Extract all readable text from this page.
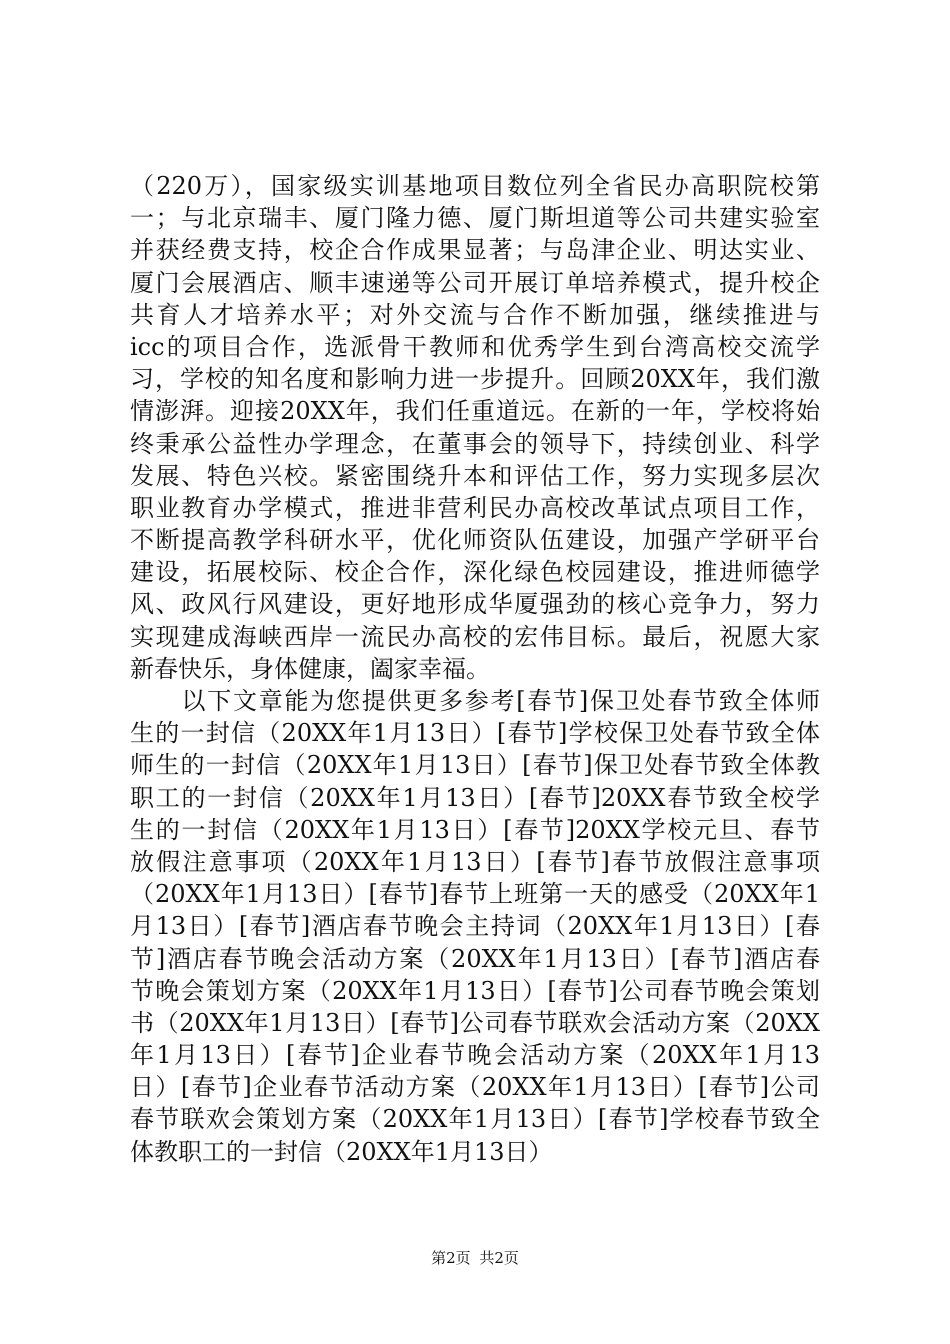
（220万），国家级实训基地项目数位列全省民办高职院校第
一；与北京瑞丰、厦门隆力德、厦门斯坦道等公司共建实验室
并获经费支持，校企合作成果显著；与岛津企业、明达实业、
厦门会展酒店、顺丰速递等公司开展订单培养模式，提升校企
共育人才培养水平；对外交流与合作不断加强，继续推进与
icc的项目合作，选派骨干教师和优秀学生到台湾高校交流学
习，学校的知名度和影响力进一步提升。回顾20XX年，我们激
情澎湃。迎接20XX年，我们任重道远。在新的一年，学校将始
终秉承公益性办学理念，在董事会的领导下，持续创业、科学
发展、特色兴校。紧密围绕升本和评估工作，努力实现多层次
职业教育办学模式，推进非营利民办高校改革试点项目工作，
不断提高教学科研水平，优化师资队伍建设，加强产学研平台
建设，拓展校际、校企合作，深化绿色校园建设，推进师德学
风、政风行风建设，更好地形成华厦强劲的核心竞争力，努力
实现建成海峡西岸一流民办高校的宏伟目标。最后，祝愿大家
新春快乐，身体健康，阖家幸福。
　　以下文章能为您提供更多参考[春节]保卫处春节致全体师
生的一封信（20XX年1月13日）[春节]学校保卫处春节致全体
师生的一封信（20XX年1月13日）[春节]保卫处春节致全体教
职工的一封信（20XX年1月13日）[春节]20XX春节致全校学
生的一封信（20XX年1月13日）[春节]20XX学校元旦、春节
放假注意事项（20XX年1月13日）[春节]春节放假注意事项
（20XX年1月13日）[春节]春节上班第一天的感受（20XX年1
月13日）[春节]酒店春节晚会主持词（20XX年1月13日）[春
节]酒店春节晚会活动方案（20XX年1月13日）[春节]酒店春
节晚会策划方案（20XX年1月13日）[春节]公司春节晚会策划
书（20XX年1月13日）[春节]公司春节联欢会活动方案（20XX
年1月13日）[春节]企业春节晚会活动方案（20XX年1月13
日）[春节]企业春节活动方案（20XX年1月13日）[春节]公司
春节联欢会策划方案（20XX年1月13日）[春节]学校春节致全
体教职工的一封信（20XX年1月13日）
第2页 共2页
